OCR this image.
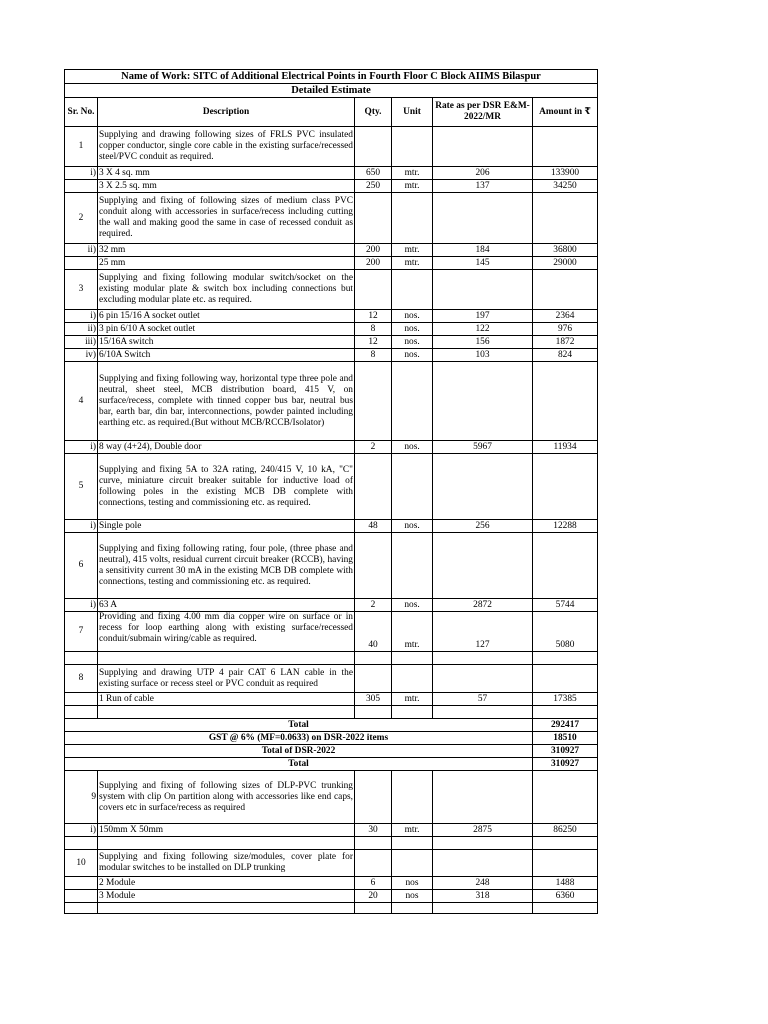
Name of Work: SITC of Additional Electrical Points in Fourth Floor C Block AIIMS Bilaspur					
Detailed Estimate					
Sr. No.	Description	Qty.	Unit	Rate as per DSR E&M-2022/MR	Amount in ₹
1	Supplying and drawing following sizes of FRLS PVC insulated copper conductor, single core cable in the existing surface/recessed steel/PVC conduit as required.				
i)	3 X 4 sq. mm	650	mtr.	206	133900
	3 X 2.5 sq. mm	250	mtr.	137	34250
2	Supplying and fixing of following sizes of medium class PVC conduit along with accessories in surface/recess including cutting the wall and making good the same in case of recessed conduit as required.				
ii)	32 mm	200	mtr.	184	36800
	25 mm	200	mtr.	145	29000
3	Supplying and fixing following modular switch/socket on the existing modular plate & switch box including connections but excluding modular plate etc. as required.				
i)	6 pin 15/16 A socket outlet	12	nos.	197	2364
ii)	3 pin 6/10 A socket outlet	8	nos.	122	976
iii)	15/16A switch	12	nos.	156	1872
iv)	6/10A Switch	8	nos.	103	824
4	Supplying and fixing following way, horizontal type three pole and neutral, sheet steel, MCB distribution board, 415 V, on surface/recess, complete with tinned copper bus bar, neutral bus bar, earth bar, din bar, interconnections, powder painted including earthing etc. as required.(But without MCB/RCCB/Isolator)				
i)	8 way (4+24), Double door	2	nos.	5967	11934
5	Supplying and fixing 5A to 32A rating, 240/415 V, 10 kA, "C" curve, miniature circuit breaker suitable for inductive load of following poles in the existing MCB DB complete with connections, testing and commissioning etc. as required.				
i)	Single pole	48	nos.	256	12288
6	Supplying and fixing following rating, four pole, (three phase and neutral), 415 volts, residual current circuit breaker (RCCB), having a sensitivity current 30 mA in the existing MCB DB complete with connections, testing and commissioning etc. as required.				
i)	63 A	2	nos.	2872	5744
7	Providing and fixing 4.00 mm dia copper wire on surface or in recess for loop earthing along with existing surface/recessed conduit/submain wiring/cable as required.	40	mtr.	127	5080

8	Supplying and drawing UTP 4 pair CAT 6 LAN cable in the existing surface or recess steel or PVC conduit as required				
	1 Run of cable	305	mtr.	57	17385

Total					292417
GST @ 6% (MF=0.0633) on DSR-2022 items					18510
Total of DSR-2022					310927
Total					310927
9	Supplying and fixing of following sizes of DLP-PVC trunking system with clip On partition along with accessories like end caps, covers etc in surface/recess as required				
i)	150mm X 50mm	30	mtr.	2875	86250

10	Supplying and fixing following size/modules, cover plate for modular switches to be installed on DLP trunking				
	2 Module	6	nos	248	1488
	3 Module	20	nos	318	6360
